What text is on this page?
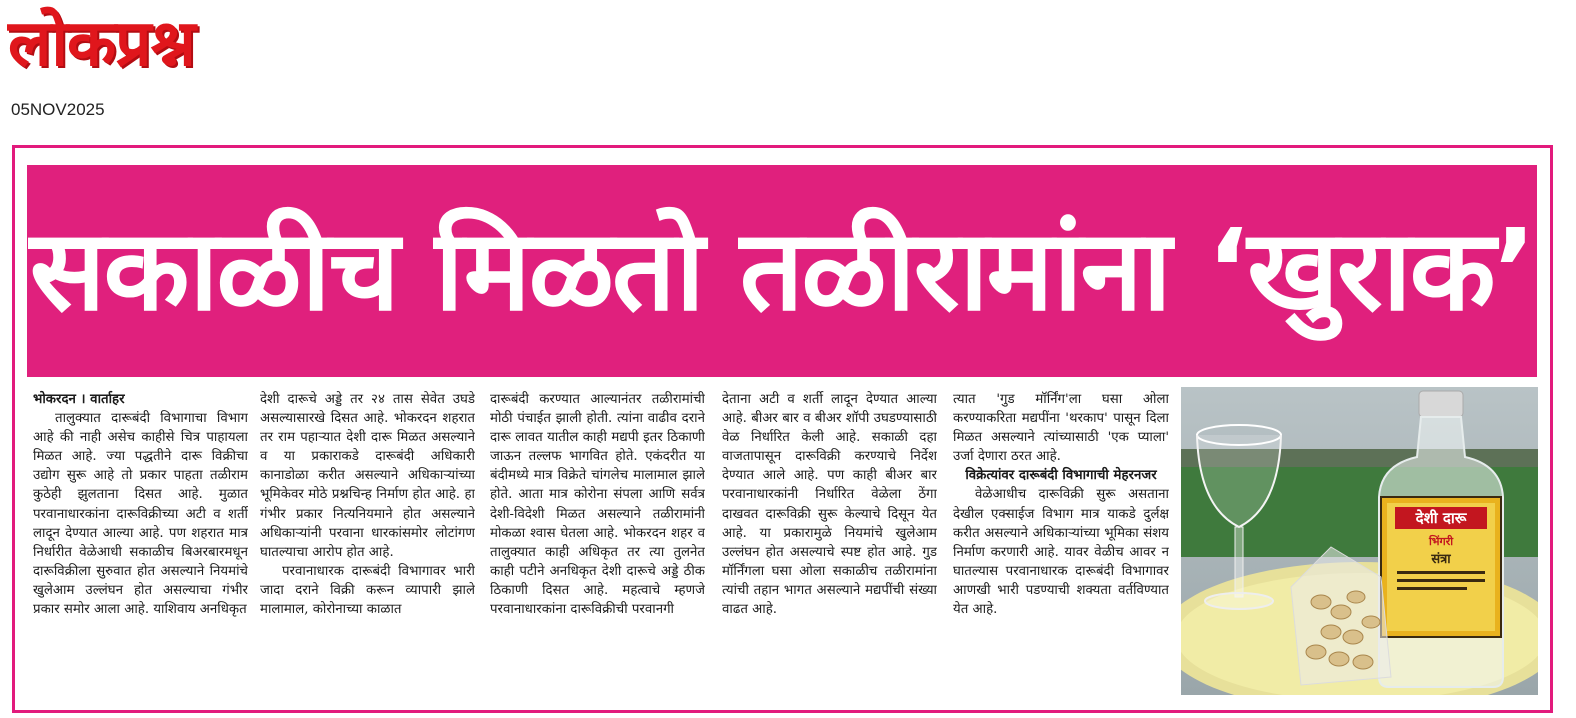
लोकप्रश्न
05NOV2025
सकाळीच मिळतो तळीरामांना ‘खुराक’

भोकरदन । वार्ताहर

तालुक्यात दारूबंदी विभागाचा विभाग आहे की नाही असेच काहीसे चित्र पाहायला मिळत आहे. ज्या पद्धतीने दारू विक्रीचा उद्योग सुरू आहे तो प्रकार पाहता तळीराम कुठेही झुलताना दिसत आहे. मुळात परवानाधारकांना दारूविक्रीच्या अटी व शर्ती लादून देण्यात आल्या आहे. पण शहरात मात्र निर्धारीत वेळेआधी सकाळीच बिअरबारमधून दारूविक्रीला सुरुवात होत असल्याने नियमांचे खुलेआम उल्लंघन होत असल्याचा गंभीर प्रकार समोर आला आहे. याशिवाय अनधिकृत

देशी दारूचे अड्डे तर २४ तास सेवेत उघडे असल्यासारखे दिसत आहे. भोकरदन शहरात तर राम पहाऱ्यात देशी दारू मिळत असल्याने व या प्रकाराकडे दारूबंदी अधिकारी कानाडोळा करीत असल्याने अधिकाऱ्यांच्या भूमिकेवर मोठे प्रश्नचिन्ह निर्माण होत आहे. हा गंभीर प्रकार नित्यनियमाने होत असल्याने अधिकाऱ्यांनी परवाना धारकांसमोर लोटांगण घातल्याचा आरोप होत आहे.

परवानाधारक दारूबंदी विभागावर भारी जादा दराने विक्री करून व्यापारी झाले मालामाल, कोरोनाच्या काळात

दारूबंदी करण्यात आल्यानंतर तळीरामांची मोठी पंचाईत झाली होती. त्यांना वाढीव दराने दारू लावत यातील काही मद्यपी इतर ठिकाणी जाऊन तल्लफ भागवित होते. एकंदरीत या बंदीमध्ये मात्र विक्रेते चांगलेच मालामाल झाले होते. आता मात्र कोरोना संपला आणि सर्वत्र देशी-विदेशी मिळत असल्याने तळीरामांनी मोकळा श्वास घेतला आहे. भोकरदन शहर व तालुक्यात काही अधिकृत तर त्या तुलनेत काही पटीने अनधिकृत देशी दारूचे अड्डे ठीक ठिकाणी दिसत आहे. महत्वाचे म्हणजे परवानाधारकांना दारूविक्रीची परवानगी

देताना अटी व शर्ती लादून देण्यात आल्या आहे. बीअर बार व बीअर शॉपी उघडण्यासाठी वेळ निर्धारित केली आहे. सकाळी दहा वाजतापासून दारूविक्री करण्याचे निर्देश देण्यात आले आहे. पण काही बीअर बार परवानाधारकांनी निर्धारित वेळेला ठेंगा दाखवत दारूविक्री सुरू केल्याचे दिसून येत आहे. या प्रकारामुळे नियमांचे खुलेआम उल्लंघन होत असल्याचे स्पष्ट होत आहे. गुड मॉर्निंगला घसा ओला सकाळीच तळीरामांना त्यांची तहान भागत असल्याने मद्यपींची संख्या वाढत आहे.

त्यात 'गुड मॉर्निंग'ला घसा ओला करण्याकरिता मद्यपींना 'थरकाप' पासून दिला मिळत असल्याने त्यांच्यासाठी 'एक प्याला' उर्जा देणारा ठरत आहे.

विक्रेत्यांवर दारूबंदी विभागाची मेहरनजर

वेळेआधीच दारूविक्री सुरू असताना देखील एक्साईज विभाग मात्र याकडे दुर्लक्ष करीत असल्याने अधिकाऱ्यांच्या भूमिका संशय निर्माण करणारी आहे. यावर वेळीच आवर न घातल्यास परवानाधारक दारूबंदी विभागावर आणखी भारी पडण्याची शक्यता वर्तविण्यात येत आहे.

देशी दारू
भिंगरी
संत्रा
